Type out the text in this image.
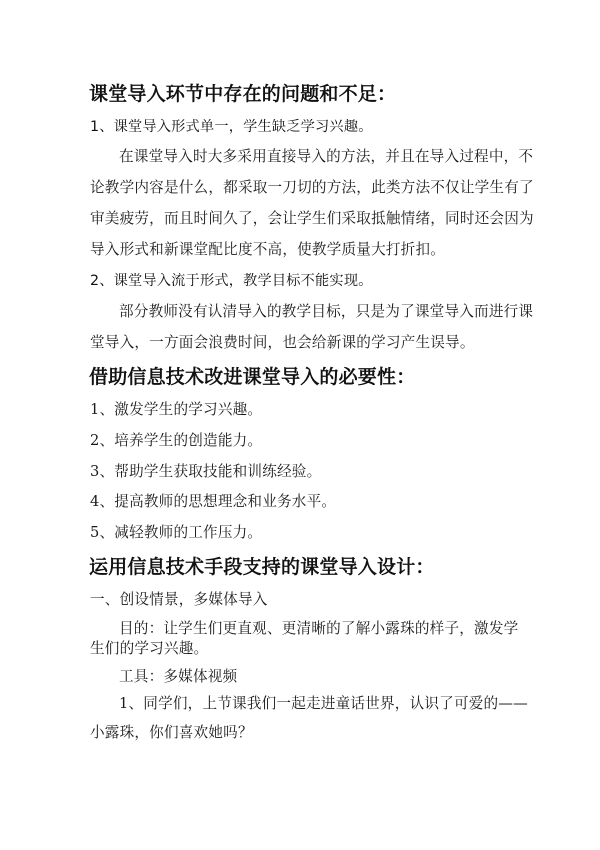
课堂导入环节中存在的问题和不足：
1、课堂导入形式单一，学生缺乏学习兴趣。
在课堂导入时大多采用直接导入的方法，并且在导入过程中，不
论教学内容是什么，都采取一刀切的方法，此类方法不仅让学生有了
审美疲劳，而且时间久了，会让学生们采取抵触情绪，同时还会因为
导入形式和新课堂配比度不高，使教学质量大打折扣。
2、课堂导入流于形式，教学目标不能实现。
部分教师没有认清导入的教学目标，只是为了课堂导入而进行课
堂导入，一方面会浪费时间，也会给新课的学习产生误导。
借助信息技术改进课堂导入的必要性：
1、激发学生的学习兴趣。
2、培养学生的创造能力。
3、帮助学生获取技能和训练经验。
4、提高教师的思想理念和业务水平。
5、减轻教师的工作压力。
运用信息技术手段支持的课堂导入设计：
一、创设情景，多媒体导入
目的：让学生们更直观、更清晰的了解小露珠的样子，激发学
生们的学习兴趣。
工具：多媒体视频
1、同学们，上节课我们一起走进童话世界，认识了可爱的——
小露珠，你们喜欢她吗？
